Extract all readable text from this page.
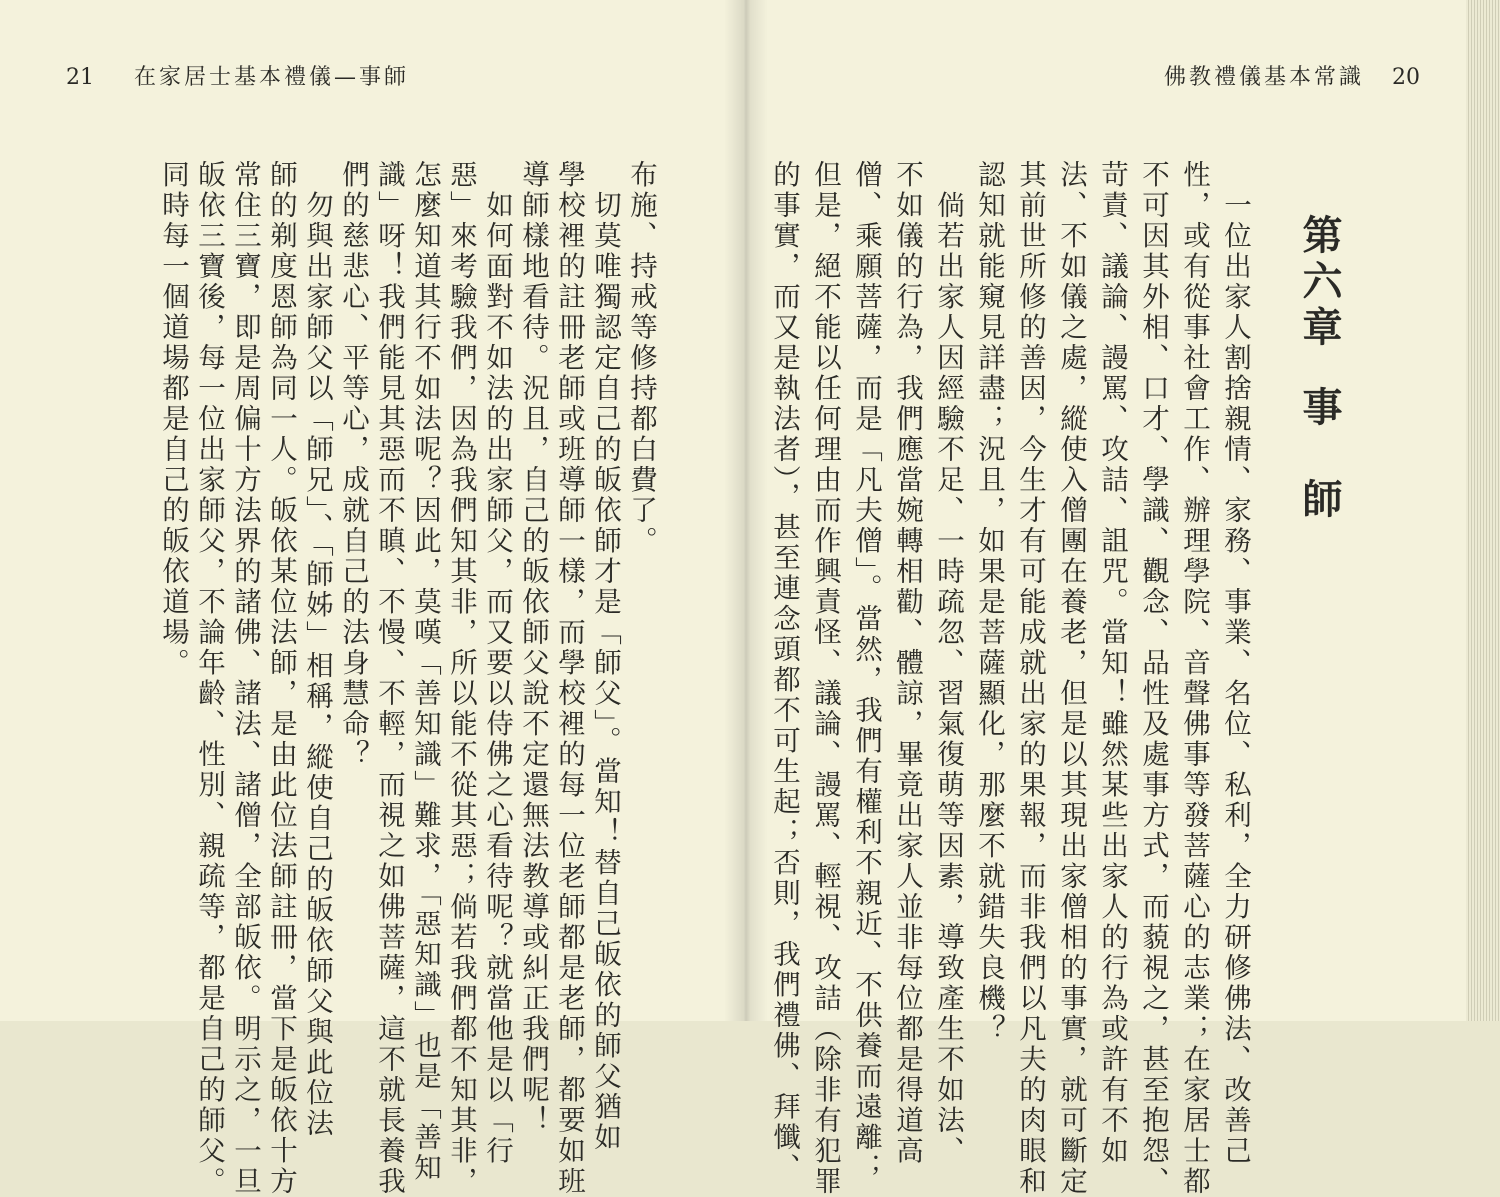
21 在家居士基本禮儀—事師
布施、持戒等修持都白費了。
　切莫唯獨認定自己的皈依師才是「師父」。當知！替自己皈依的師父猶如
學校裡的註冊老師或班導師一樣，而學校裡的每一位老師都是老師，都要如班
導師樣地看待。況且，自己的皈依師父說不定還無法教導或糾正我們呢！
　如何面對不如法的出家師父，而又要以侍佛之心看待呢？就當他是以「行
惡」來考驗我們，因為我們知其非，所以能不從其惡；倘若我們都不知其非，
怎麼知道其行不如法呢？因此，莫嘆「善知識」難求，「惡知識」也是「善知
識」呀！我們能見其惡而不瞋、不慢、不輕，而視之如佛菩薩，這不就長養我
們的慈悲心、平等心，成就自己的法身慧命？
　勿與出家師父以「師兄」、「師姊」相稱，縱使自己的皈依師父與此位法
師的剃度恩師為同一人。皈依某位法師，是由此位法師註冊，當下是皈依十方
常住三寶，即是周偏十方法界的諸佛、諸法、諸僧，全部皈依。明示之，一旦
皈依三寶後，每一位出家師父，不論年齡、性別、親疏等，都是自己的師父。
同時每一個道場都是自己的皈依道場。
佛教禮儀基本常識 20
第六章事　師
　一位出家人割捨親情、家務、事業、名位、私利，全力研修佛法、改善己
性，或有從事社會工作、辦理學院、音聲佛事等發菩薩心的志業；在家居士都
不可因其外相、口才、學識、觀念、品性及處事方式，而藐視之，甚至抱怨、
苛責、議論、謾罵、攻詰、詛咒。當知！雖然某些出家人的行為或許有不如
法、不如儀之處，縱使入僧團在養老，但是以其現出家僧相的事實，就可斷定
其前世所修的善因，今生才有可能成就出家的果報，而非我們以凡夫的肉眼和
認知就能窺見詳盡；況且，如果是菩薩顯化，那麼不就錯失良機？
　倘若出家人因經驗不足、一時疏忽、習氣復萌等因素，導致產生不如法、
不如儀的行為，我們應當婉轉相勸、體諒，畢竟出家人並非每位都是得道高
僧、乘願菩薩，而是「凡夫僧」。當然，我們有權利不親近、不供養而遠離；
但是，絕不能以任何理由而作興責怪、議論、謾罵、輕視、攻詰（除非有犯罪
的事實，而又是執法者），甚至連念頭都不可生起；否則，我們禮佛、拜懺、
